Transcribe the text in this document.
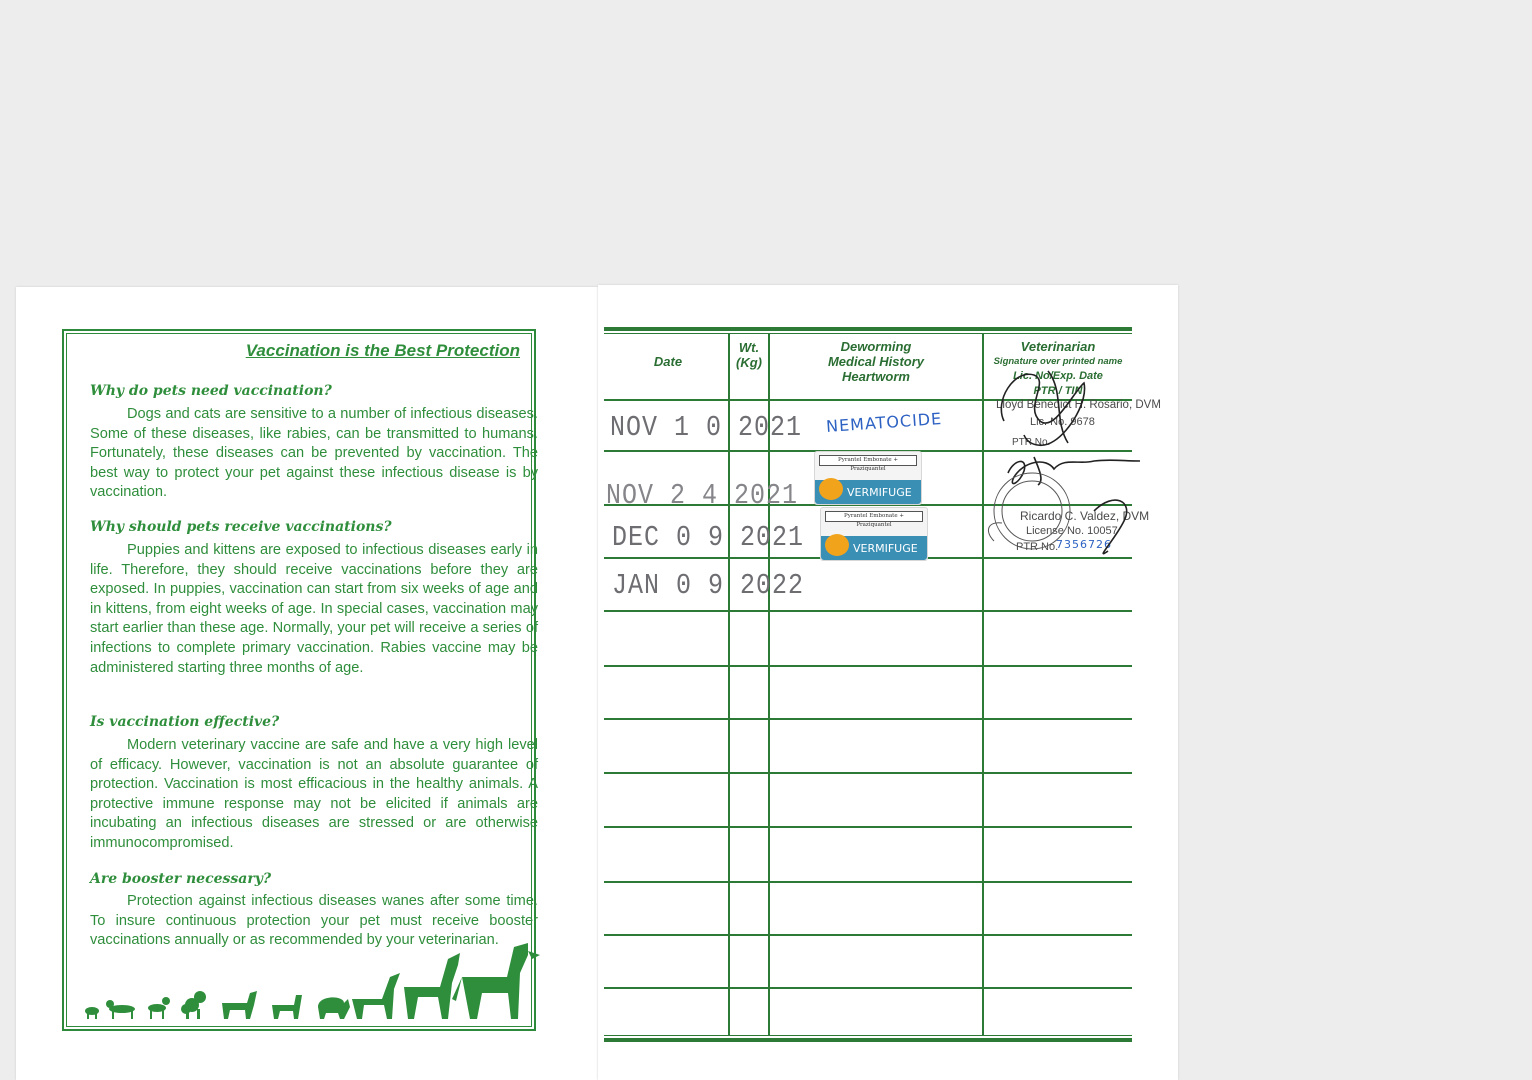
Vaccination is the Best Protection
Why do pets need vaccination?
Dogs and cats are sensitive to a number of infectious diseases. Some of these diseases, like rabies, can be transmitted to humans. Fortunately, these diseases can be prevented by vaccination. The best way to protect your pet against these infectious disease is by vaccination.
Why should pets receive vaccinations?
Puppies and kittens are exposed to infectious diseases early in life. Therefore, they should receive vaccinations before they are exposed. In puppies, vaccination can start from six weeks of age and in kittens, from eight weeks of age. In special cases, vaccination may start earlier than these age. Normally, your pet will receive a series of infections to complete primary vaccination. Rabies vaccine may be administered starting three months of age.
Is vaccination effective?
Modern veterinary vaccine are safe and have a very high level of efficacy. However, vaccination is not an absolute guarantee of protection. Vaccination is most efficacious in the healthy animals. A protective immune response may not be elicited if animals are incubating an infectious diseases are stressed or are otherwise immunocompromised.
Are booster necessary?
Protection against infectious diseases wanes after some time. To insure continuous protection your pet must receive booster vaccinations annually or as recommended by your veterinarian.
Date
Wt.
(Kg)
Deworming
Medical History
Heartworm
Veterinarian
Signature over printed name
Lic. No/Exp. Date
PTR / TIN
NOV 1 0 2021
NOV 2 4 2021
DEC 0 9 2021
JAN 0 9 2022
NEMATOCIDE
Pyrantel Embonate + Praziquantel
VERMIFUGE
Pyrantel Embonate + Praziquantel
VERMIFUGE
Lloyd Benedict H. Rosario, DVM
Lic. No. 9678
PTR No.
Ricardo C. Valdez, DVM
License No. 10057
PTR No.
7356726
